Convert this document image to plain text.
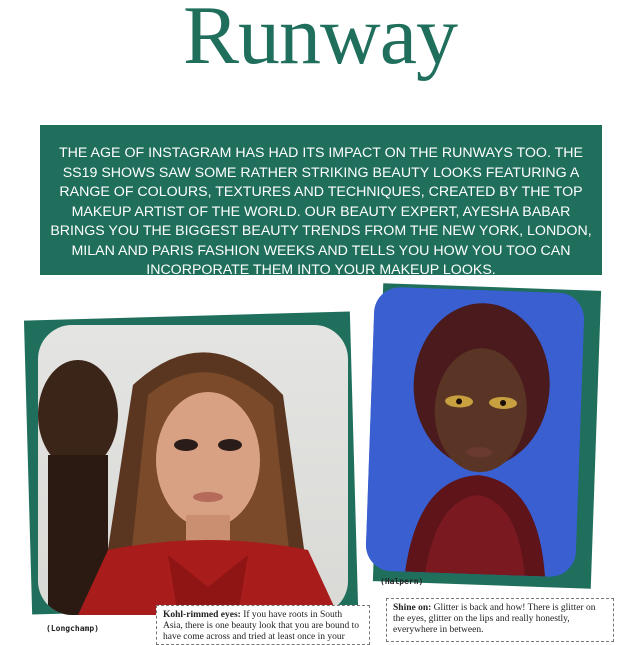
Runway
THE AGE OF INSTAGRAM HAS HAD ITS IMPACT ON THE RUNWAYS TOO. THE SS19 SHOWS SAW SOME RATHER STRIKING BEAUTY LOOKS FEATURING A RANGE OF COLOURS, TEXTURES AND TECHNIQUES, CREATED BY THE TOP MAKEUP ARTIST OF THE WORLD. OUR BEAUTY EXPERT, AYESHA BABAR BRINGS YOU THE BIGGEST BEAUTY TRENDS FROM THE NEW YORK, LONDON, MILAN AND PARIS FASHION WEEKS AND TELLS YOU HOW YOU TOO CAN INCORPORATE THEM INTO YOUR MAKEUP LOOKS.
(Longchamp)
(Halpern)
Kohl-rimmed eyes: If you have roots in South Asia, there is one beauty look that you are bound to have come across and tried at least once in your
Shine on: Glitter is back and how! There is glitter on the eyes, glitter on the lips and really honestly, everywhere in between.
